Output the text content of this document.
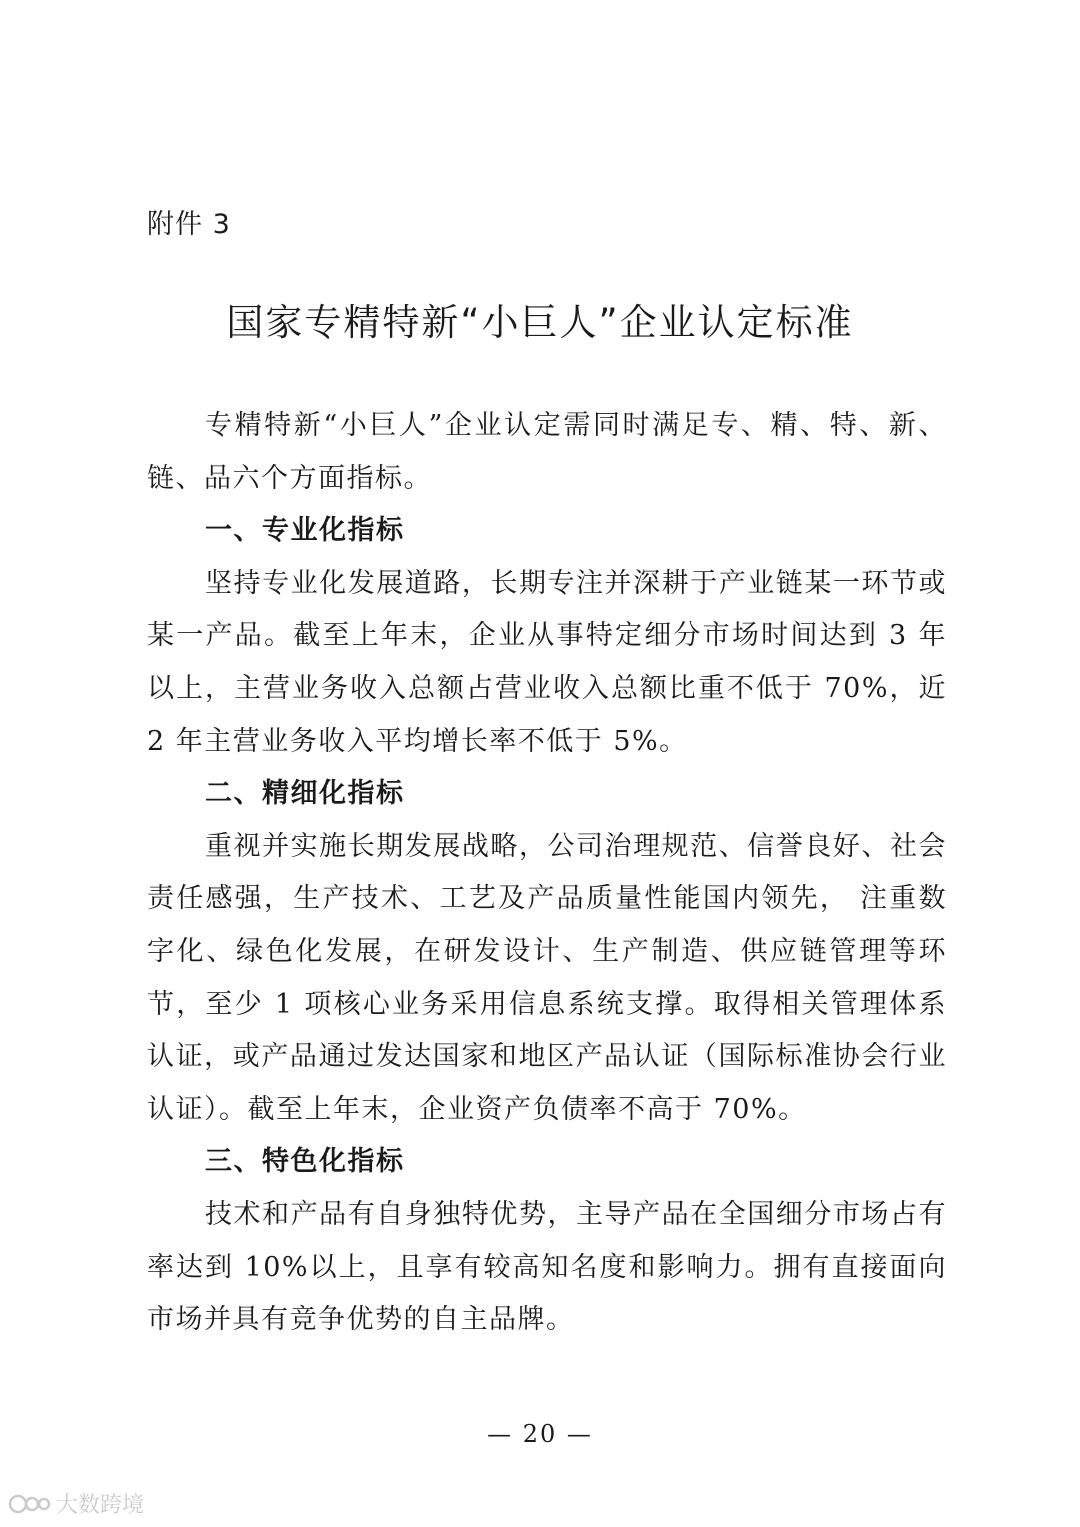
附件 3
国家专精特新“小巨人”企业认定标准

专精特新“小巨人”企业认定需同时满足专、精、特、新、链、品六个方面指标。

一、专业化指标

坚持专业化发展道路，长期专注并深耕于产业链某一环节或某一产品。截至上年末，企业从事特定细分市场时间达到 3 年以上，主营业务收入总额占营业收入总额比重不低于 70%，近 2 年主营业务收入平均增长率不低于 5%。

二、精细化指标

重视并实施长期发展战略，公司治理规范、信誉良好、社会责任感强，生产技术、工艺及产品质量性能国内领先， 注重数字化、绿色化发展，在研发设计、生产制造、供应链管理等环节，至少 1 项核心业务采用信息系统支撑。取得相关管理体系认证，或产品通过发达国家和地区产品认证（国际标准协会行业认证）。截至上年末，企业资产负债率不高于 70%。

三、特色化指标

技术和产品有自身独特优势，主导产品在全国细分市场占有率达到 10%以上，且享有较高知名度和影响力。拥有直接面向市场并具有竞争优势的自主品牌。

— 20 —
大数跨境
